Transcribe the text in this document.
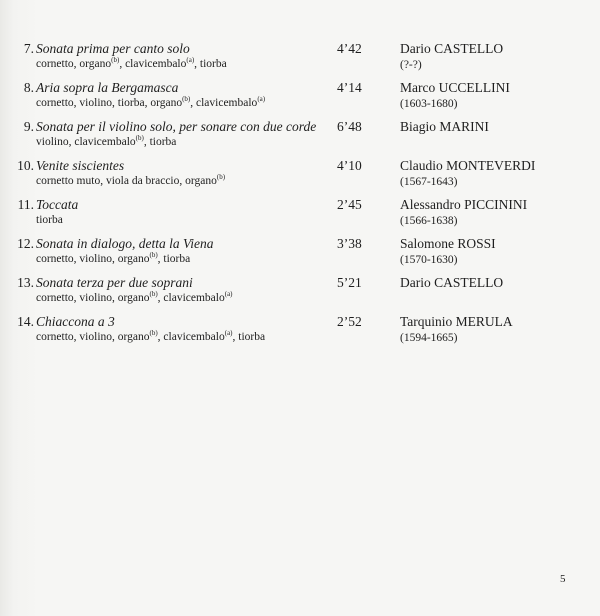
7. Sonata prima per canto solo
cornetto, organo$^{(b)}$, clavicembalo$^{(a)}$, tiorba
4’42	Dario CASTELLO
(?-?)
8. Aria sopra la Bergamasca
cornetto, violino, tiorba, organo$^{(b)}$, clavicembalo$^{(a)}$
4’14	Marco UCCELLINI
(1603-1680)
9. Sonata per il violino solo, per sonare con due corde
violino, clavicembalo$^{(b)}$, tiorba
6’48	Biagio MARINI
10. Venite siscientes
cornetto muto, viola da braccio, organo$^{(b)}$
4’10	Claudio MONTEVERDI
(1567-1643)
11. Toccata
tiorba
2’45	Alessandro PICCININI
(1566-1638)
12. Sonata in dialogo, detta la Viena
cornetto, violino, organo$^{(b)}$, tiorba
3’38	Salomone ROSSI
(1570-1630)
13. Sonata terza per due soprani
cornetto, violino, organo$^{(b)}$, clavicembalo$^{(a)}$
5’21	Dario CASTELLO
14. Chiaccona a 3
cornetto, violino, organo$^{(b)}$, clavicembalo$^{(a)}$, tiorba
2’52	Tarquinio MERULA
(1594-1665)
5
